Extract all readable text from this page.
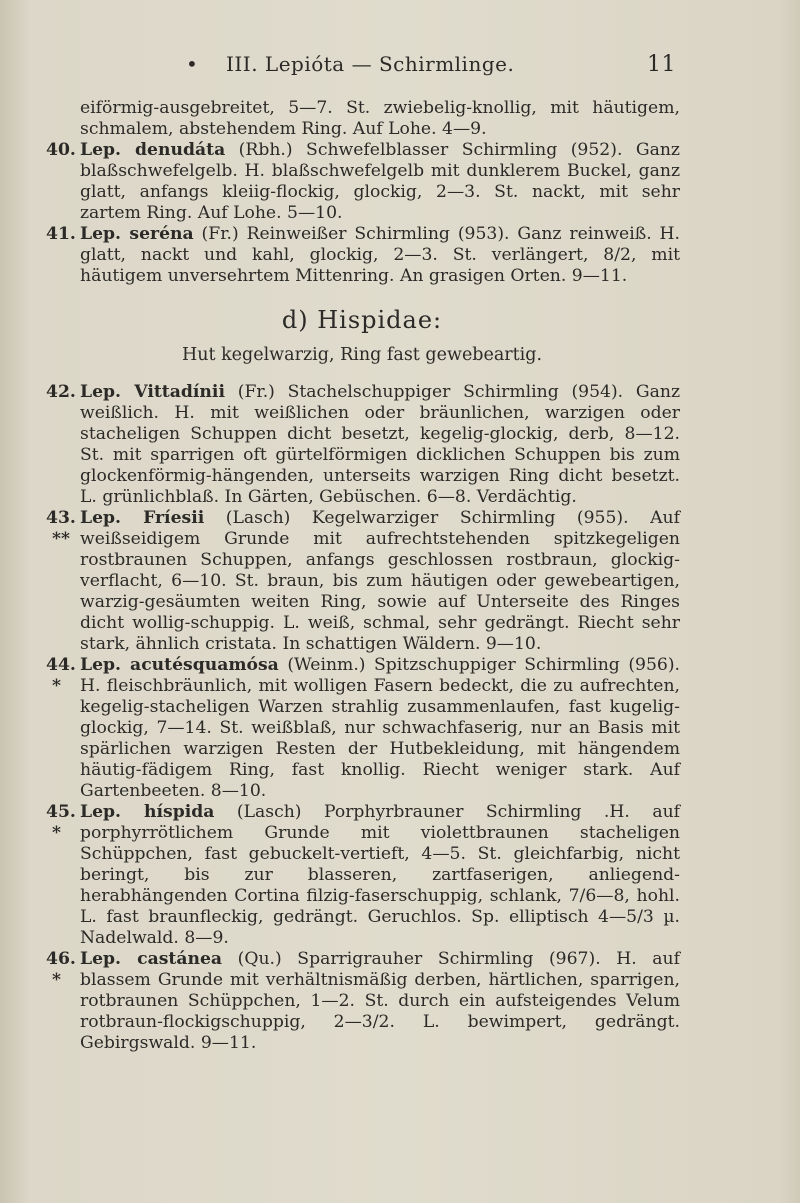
• III. Lepióta — Schirmlinge.	11
eiförmig-ausgebreitet, 5—7. St. zwiebelig-knollig, mit häutigem, schmalem, abstehendem Ring. Auf Lohe. 4—9.
40. Lep. denudáta (Rbh.) Schwefelblasser Schirmling (952). Ganz blaßschwefelgelb. H. blaßschwefelgelb mit dunklerem Buckel, ganz glatt, anfangs kleiig-flockig, glockig, 2—3. St. nackt, mit sehr zartem Ring. Auf Lohe. 5—10.
41. Lep. seréna (Fr.) Reinweißer Schirmling (953). Ganz reinweiß. H. glatt, nackt und kahl, glockig, 2—3. St. verlängert, 8/2, mit häutigem unversehrtem Mittenring. An grasigen Orten. 9—11.
d) Hispidae:
Hut kegelwarzig, Ring fast gewebeartig.
42. Lep. Vittadínii (Fr.) Stachelschuppiger Schirmling (954). Ganz weißlich. H. mit weißlichen oder bräunlichen, warzigen oder stacheligen Schuppen dicht besetzt, kegelig-glockig, derb, 8—12. St. mit sparrigen oft gürtelförmigen dicklichen Schuppen bis zum glockenförmig-hängenden, unterseits warzigen Ring dicht besetzt. L. grünlichblaß. In Gärten, Gebüschen. 6—8. Verdächtig.
43.
**
Lep. Fríesii (Lasch) Kegelwarziger Schirmling (955). Auf weißseidigem Grunde mit aufrechtstehenden spitzkegeligen rostbraunen Schuppen, anfangs geschlossen rostbraun, glockig-verflacht, 6—10. St. braun, bis zum häutigen oder gewebeartigen, warzig-gesäumten weiten Ring, sowie auf Unterseite des Ringes dicht wollig-schuppig. L. weiß, schmal, sehr gedrängt. Riecht sehr stark, ähnlich cristata. In schattigen Wäldern. 9—10.
44.
*
Lep. acutésquamósa (Weinm.) Spitzschuppiger Schirmling (956). H. fleischbräunlich, mit wolligen Fasern bedeckt, die zu aufrechten, kegelig-stacheligen Warzen strahlig zusammenlaufen, fast kugelig-glockig, 7—14. St. weißblaß, nur schwachfaserig, nur an Basis mit spärlichen warzigen Resten der Hutbekleidung, mit hängendem häutig-fädigem Ring, fast knollig. Riecht weniger stark. Auf Gartenbeeten. 8—10.
45.
*
Lep. híspida (Lasch) Porphyrbrauner Schirmling .H. auf porphyrrötlichem Grunde mit violettbraunen stacheligen Schüppchen, fast gebuckelt-vertieft, 4—5. St. gleichfarbig, nicht beringt, bis zur blasseren, zartfaserigen, anliegend-herabhängenden Cortina filzig-faserschuppig, schlank, 7/6—8, hohl. L. fast braunfleckig, gedrängt. Geruchlos. Sp. elliptisch 4—5/3 µ. Nadelwald. 8—9.
46.
*
Lep. castánea (Qu.) Sparrigrauher Schirmling (967). H. auf blassem Grunde mit verhältnismäßig derben, härtlichen, sparrigen, rotbraunen Schüppchen, 1—2. St. durch ein aufsteigendes Velum rotbraun-flockigschuppig, 2—3/2. L. bewimpert, gedrängt. Gebirgswald. 9—11.
